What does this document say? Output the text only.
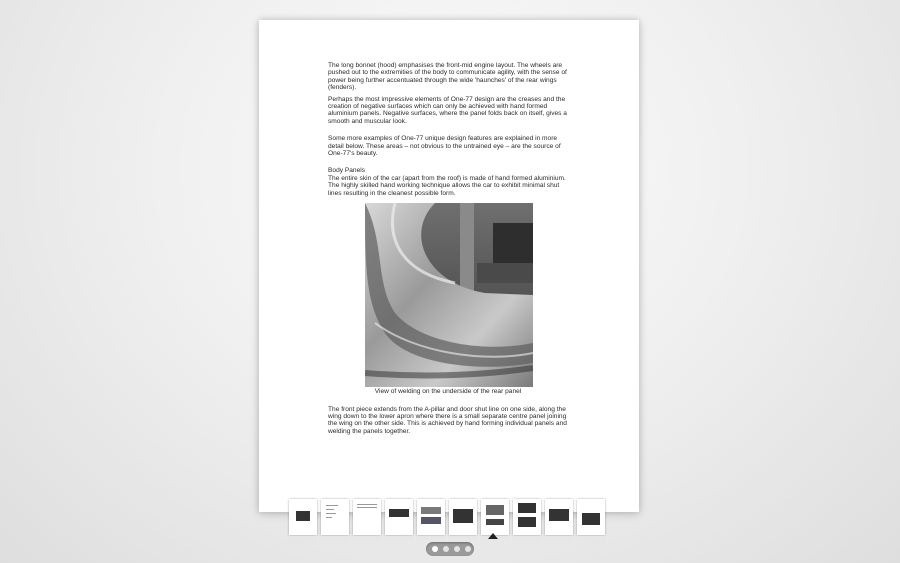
The long bonnet (hood) emphasises the front-mid engine layout. The wheels are pushed out to the extremities of the body to communicate agility, with the sense of power being further accentuated through the wide 'haunches' of the rear wings (fenders).

Perhaps the most impressive elements of One-77 design are the creases and the creation of negative surfaces which can only be achieved with hand formed aluminium panels. Negative surfaces, where the panel folds back on itself, gives a smooth and muscular look.

Some more examples of One-77 unique design features are explained in more detail below. These areas – not obvious to the untrained eye – are the source of One-77's beauty.

Body Panels

The entire skin of the car (apart from the roof) is made of hand formed aluminium. The highly skilled hand working technique allows the car to exhibit minimal shut lines resulting in the cleanest possible form.

View of welding on the underside of the rear panel

The front piece extends from the A-pillar and door shut line on one side, along the wing down to the lower apron where there is a small separate centre panel joining the wing on the other side. This is achieved by hand forming individual panels and welding the panels together.
